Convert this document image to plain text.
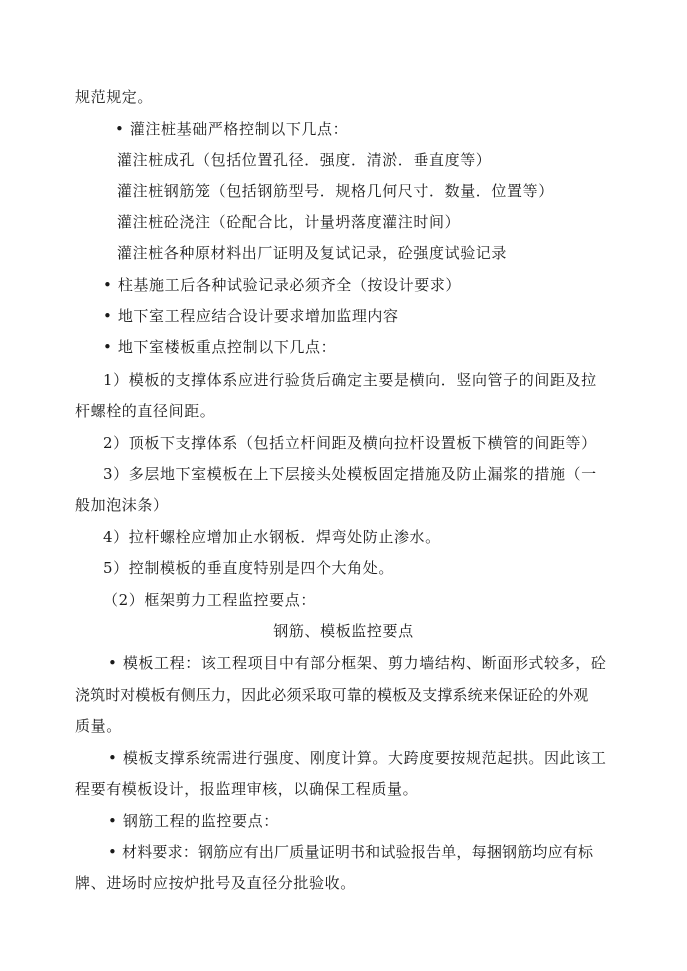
规范规定。
• 灌注桩基础严格控制以下几点：
灌注桩成孔（包括位置孔径．强度．清淤．垂直度等）
灌注桩钢筋笼（包括钢筋型号．规格几何尺寸．数量．位置等）
灌注桩砼浇注（砼配合比，计量坍落度灌注时间）
灌注桩各种原材料出厂证明及复试记录，砼强度试验记录
• 柱基施工后各种试验记录必须齐全（按设计要求）
• 地下室工程应结合设计要求增加监理内容
• 地下室楼板重点控制以下几点：
1）模板的支撑体系应进行验货后确定主要是横向．竖向管子的间距及拉
杆螺栓的直径间距。
2）顶板下支撑体系（包括立杆间距及横向拉杆设置板下横管的间距等）
3）多层地下室模板在上下层接头处模板固定措施及防止漏浆的措施（一
般加泡沫条）
4）拉杆螺栓应增加止水钢板．焊弯处防止渗水。
5）控制模板的垂直度特别是四个大角处。
（2）框架剪力工程监控要点：
钢筋、模板监控要点
• 模板工程：该工程项目中有部分框架、剪力墙结构、断面形式较多，砼
浇筑时对模板有侧压力，因此必须采取可靠的模板及支撑系统来保证砼的外观
质量。
• 模板支撑系统需进行强度、刚度计算。大跨度要按规范起拱。因此该工
程要有模板设计，报监理审核，以确保工程质量。
• 钢筋工程的监控要点：
• 材料要求：钢筋应有出厂质量证明书和试验报告单，每捆钢筋均应有标
牌、进场时应按炉批号及直径分批验收。
